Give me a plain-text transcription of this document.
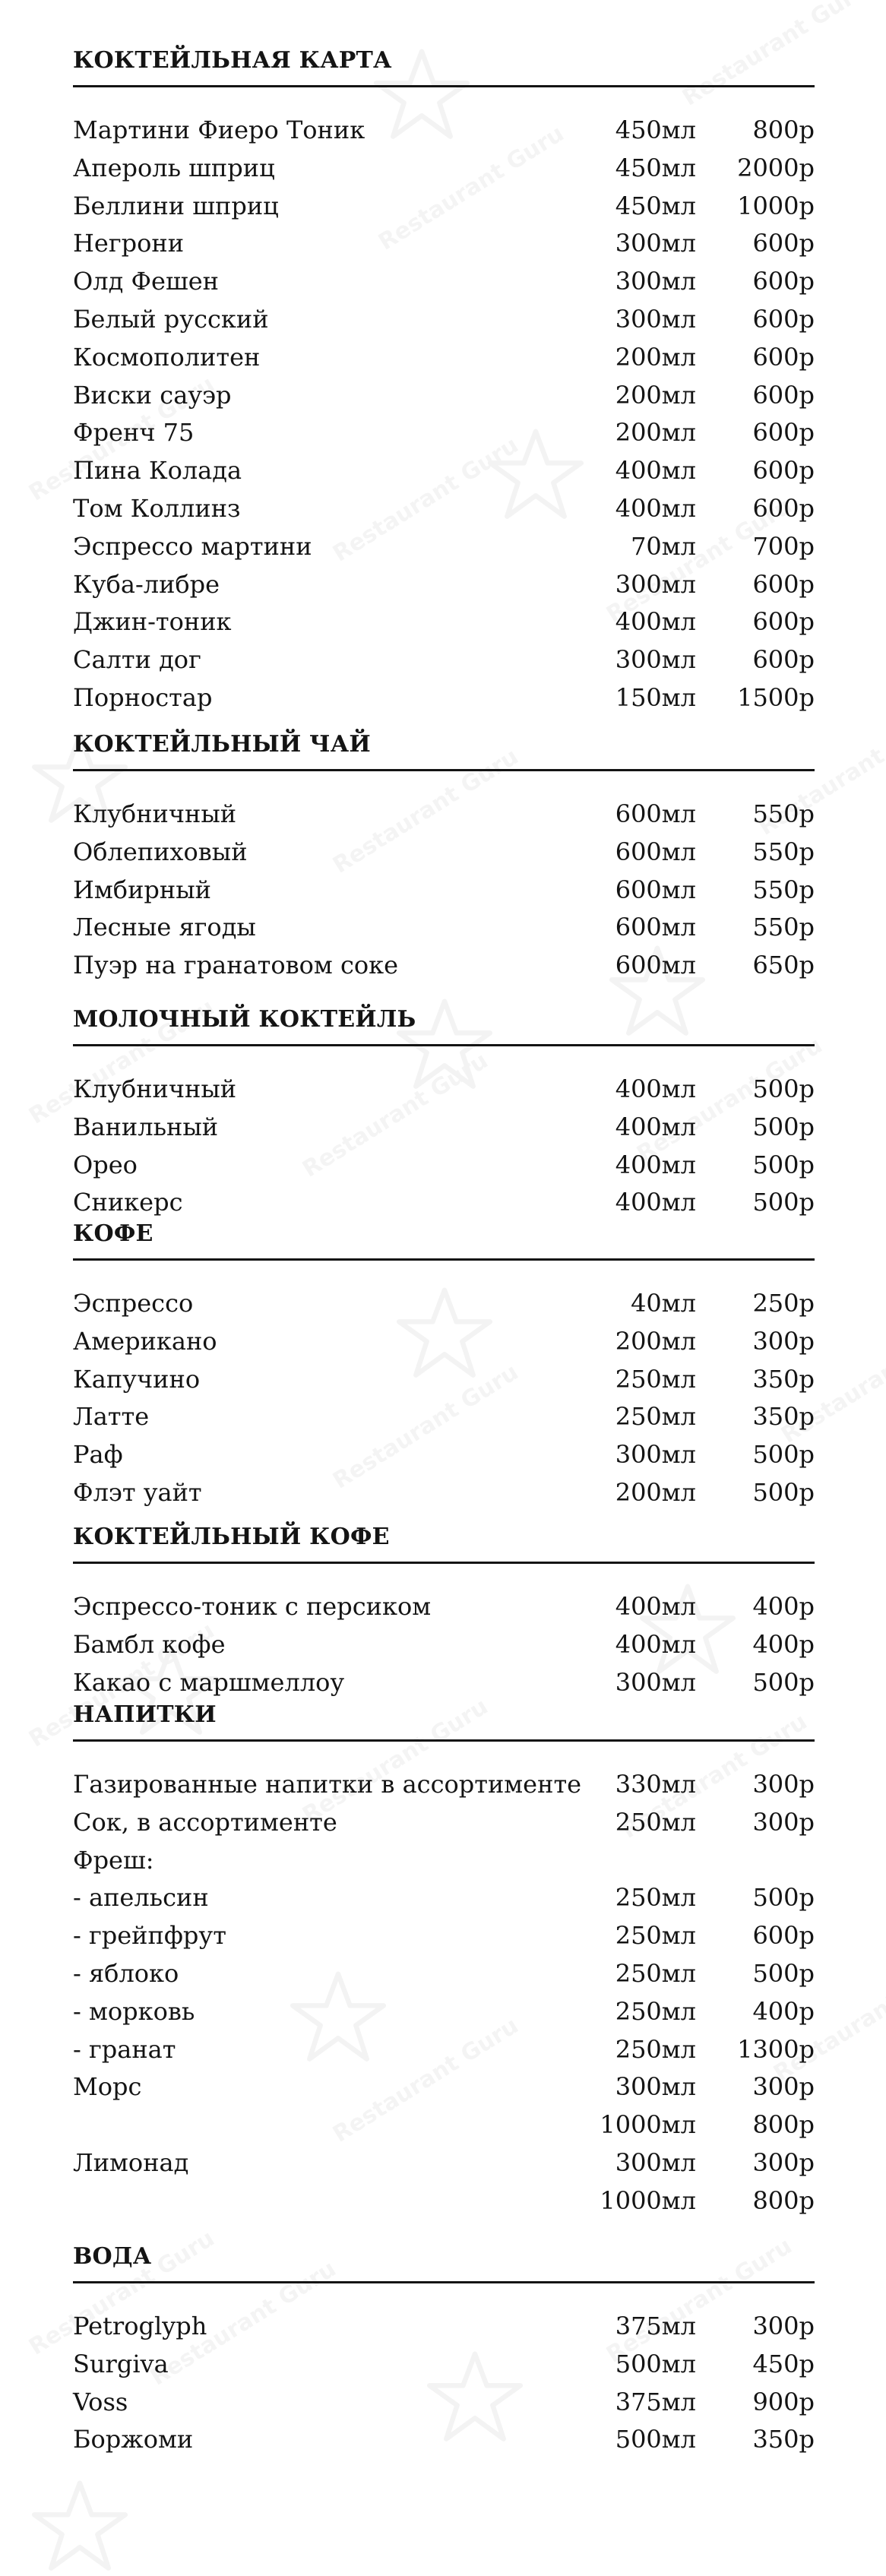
КОКТЕЙЛЬНАЯ КАРТА
Мартини Фиеро Тоник	450мл 800р
Апероль шприц	450мл 2000р
Беллини шприц	450мл 1000р
Негрони	300мл 600р
Олд Фешен	300мл 600р
Белый русский	300мл 600р
Космополитен	200мл 600р
Виски сауэр	200мл 600р
Френч 75	200мл 600р
Пина Колада	400мл 600р
Том Коллинз	400мл 600р
Эспрессо мартини	70мл 700р
Куба-либре	300мл 600р
Джин-тоник	400мл 600р
Салти дог	300мл 600р
Порностар	150мл 1500р
КОКТЕЙЛЬНЫЙ ЧАЙ
Клубничный	600мл 550р
Облепиховый	600мл 550р
Имбирный	600мл 550р
Лесные ягоды	600мл 550р
Пуэр на гранатовом соке	600мл 650р
МОЛОЧНЫЙ КОКТЕЙЛЬ
Клубничный	400мл 500р
Ванильный	400мл 500р
Орео	400мл 500р
Сникерс	400мл 500р
КОФЕ
Эспрессо	40мл 250р
Американо	200мл 300р
Капучино	250мл 350р
Латте	250мл 350р
Раф	300мл 500р
Флэт уайт	200мл 500р
КОКТЕЙЛЬНЫЙ КОФЕ
Эспрессо-тоник с персиком	400мл 400р
Бамбл кофе	400мл 400р
Какао с маршмеллоу	300мл 500р
НАПИТКИ
Газированные напитки в ассортименте 330мл 300р
Сок, в ассортименте	250мл 300р
Фреш:
- апельсин	250мл 500р
- грейпфрут	250мл 600р
- яблоко	250мл 500р
- морковь	250мл 400р
- гранат	250мл 1300р
Морс	300мл 300р
1000мл 800р
Лимонад	300мл 300р
1000мл 800р
ВОДА
Petroglyph	375мл 300р
Surgiva	500мл 450р
Voss	375мл 900р
Боржоми	500мл 350р
